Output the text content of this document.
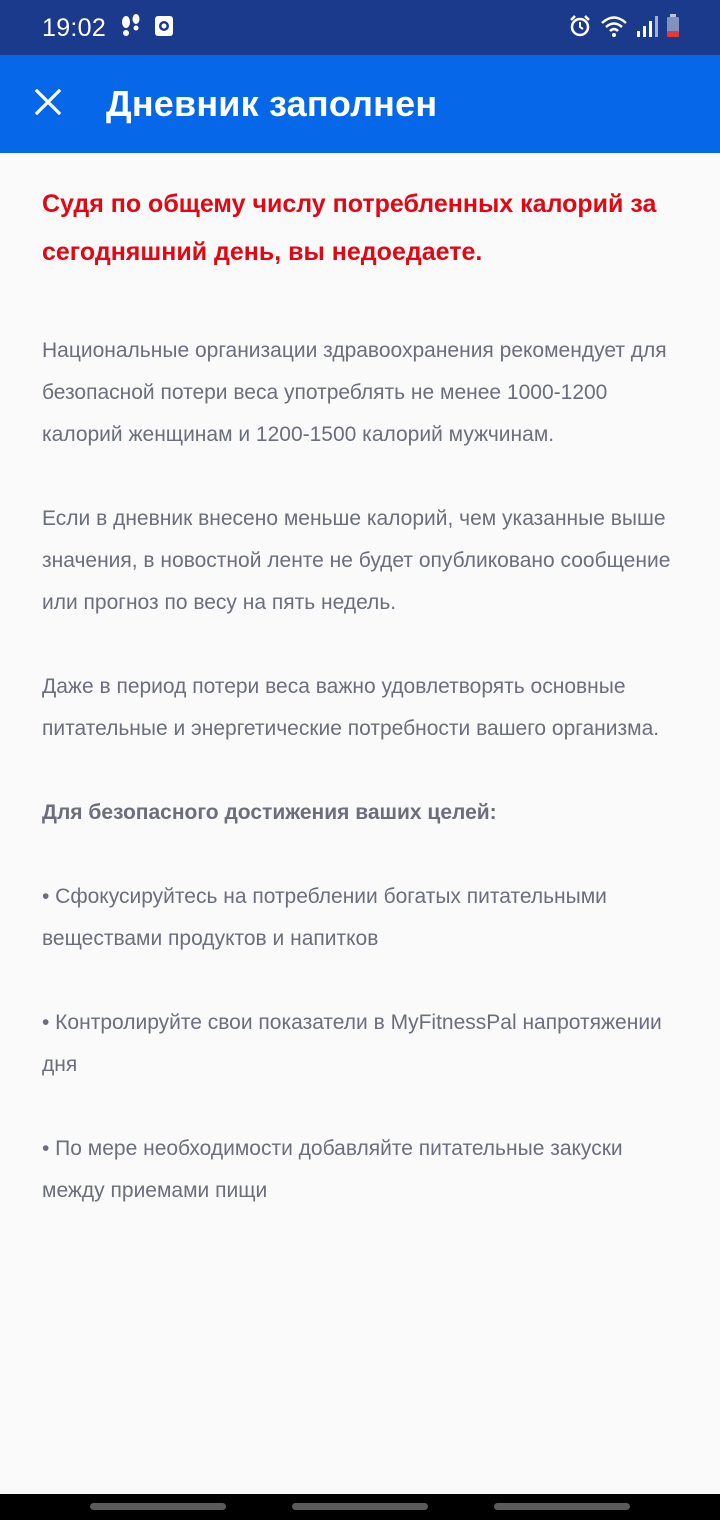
19:02
Дневник заполнен

Судя по общему числу потребленных калорий за сегодняшний день, вы недоедаете.

Национальные организации здравоохранения рекомендует для безопасной потери веса употреблять не менее 1000-1200 калорий женщинам и 1200-1500 калорий мужчинам.

Если в дневник внесено меньше калорий, чем указанные выше значения, в новостной ленте не будет опубликовано сообщение или прогноз по весу на пять недель.

Даже в период потери веса важно удовлетворять основные питательные и энергетические потребности вашего организма.

Для безопасного достижения ваших целей:

• Сфокусируйтесь на потреблении богатых питательными веществами продуктов и напитков

• Контролируйте свои показатели в MyFitnessPal напротяжении дня

• По мере необходимости добавляйте питательные закуски между приемами пищи
